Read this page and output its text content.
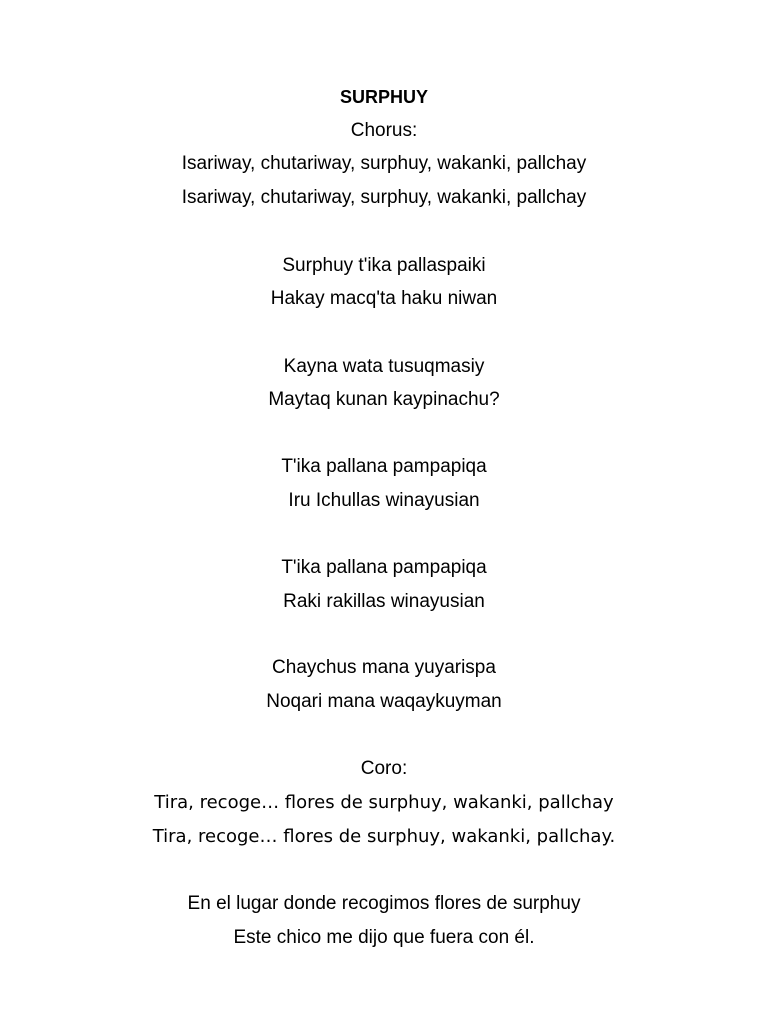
SURPHUY
Chorus:
Isariway, chutariway, surphuy, wakanki, pallchay
Isariway, chutariway, surphuy, wakanki, pallchay
Surphuy t'ika pallaspaiki
Hakay macq'ta haku niwan
Kayna wata tusuqmasiy
Maytaq kunan kaypinachu?
T'ika pallana pampapiqa
Iru Ichullas winayusian
T'ika pallana pampapiqa
Raki rakillas winayusian
Chaychus mana yuyarispa
Noqari mana waqaykuyman
Coro:
Tira, recoge… flores de surphuy, wakanki, pallchay
Tira, recoge… flores de surphuy, wakanki, pallchay.
En el lugar donde recogimos flores de surphuy
Este chico me dijo que fuera con él.
